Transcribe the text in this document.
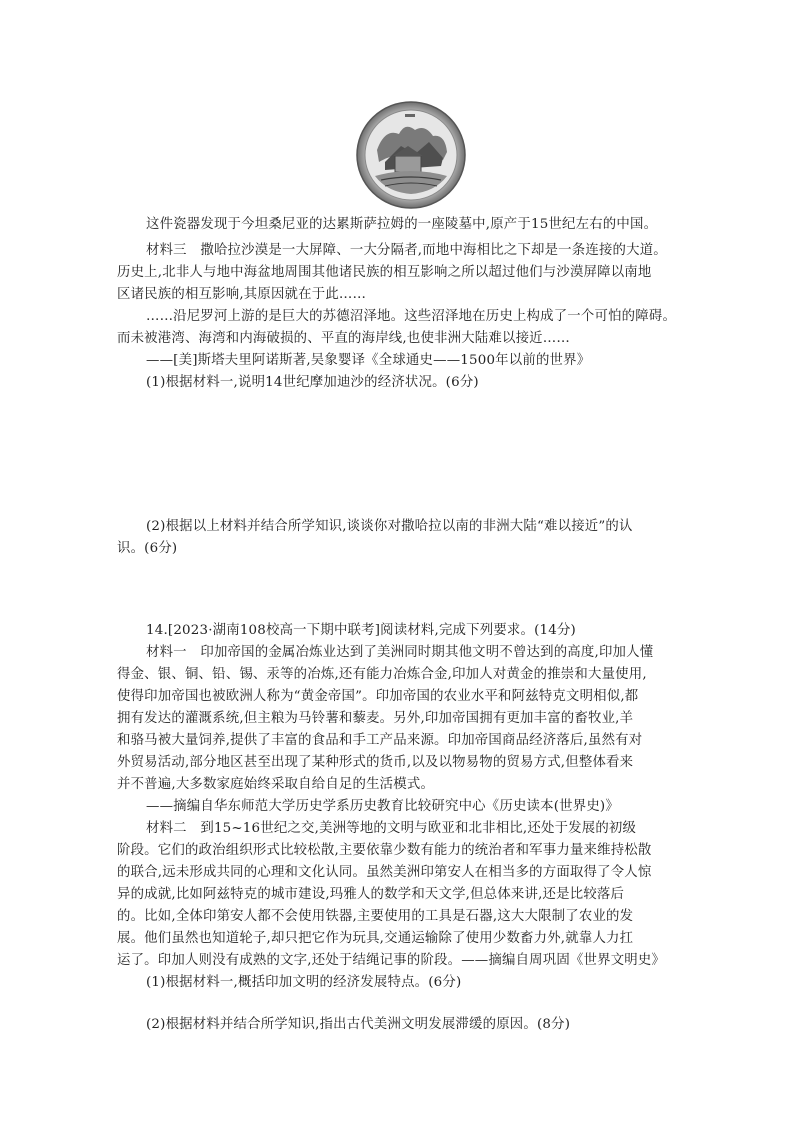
这件瓷器发现于今坦桑尼亚的达累斯萨拉姆的一座陵墓中,原产于15世纪左右的中国。
材料三　撒哈拉沙漠是一大屏障、一大分隔者,而地中海相比之下却是一条连接的大道。
历史上,北非人与地中海盆地周围其他诸民族的相互影响之所以超过他们与沙漠屏障以南地
区诸民族的相互影响,其原因就在于此……
……沿尼罗河上游的是巨大的苏德沼泽地。这些沼泽地在历史上构成了一个可怕的障碍。
而未被港湾、海湾和内海破损的、平直的海岸线,也使非洲大陆难以接近……
——[美]斯塔夫里阿诺斯著,吴象婴译《全球通史——1500年以前的世界》
(1)根据材料一,说明14世纪摩加迪沙的经济状况。(6分)
(2)根据以上材料并结合所学知识,谈谈你对撒哈拉以南的非洲大陆“难以接近”的认
识。(6分)
14.[2023·湖南108校高一下期中联考]阅读材料,完成下列要求。(14分)
材料一　印加帝国的金属冶炼业达到了美洲同时期其他文明不曾达到的高度,印加人懂
得金、银、铜、铅、锡、汞等的冶炼,还有能力冶炼合金,印加人对黄金的推崇和大量使用,
使得印加帝国也被欧洲人称为“黄金帝国”。印加帝国的农业水平和阿兹特克文明相似,都
拥有发达的灌溉系统,但主粮为马铃薯和藜麦。另外,印加帝国拥有更加丰富的畜牧业,羊
和骆马被大量饲养,提供了丰富的食品和手工产品来源。印加帝国商品经济落后,虽然有对
外贸易活动,部分地区甚至出现了某种形式的货币,以及以物易物的贸易方式,但整体看来
并不普遍,大多数家庭始终采取自给自足的生活模式。
——摘编自华东师范大学历史学系历史教育比较研究中心《历史读本(世界史)》
材料二　到15~16世纪之交,美洲等地的文明与欧亚和北非相比,还处于发展的初级
阶段。它们的政治组织形式比较松散,主要依靠少数有能力的统治者和军事力量来维持松散
的联合,远未形成共同的心理和文化认同。虽然美洲印第安人在相当多的方面取得了令人惊
异的成就,比如阿兹特克的城市建设,玛雅人的数学和天文学,但总体来讲,还是比较落后
的。比如,全体印第安人都不会使用铁器,主要使用的工具是石器,这大大限制了农业的发
展。他们虽然也知道轮子,却只把它作为玩具,交通运输除了使用少数畜力外,就靠人力扛
运了。印加人则没有成熟的文字,还处于结绳记事的阶段。——摘编自周巩固《世界文明史》
(1)根据材料一,概括印加文明的经济发展特点。(6分)
(2)根据材料并结合所学知识,指出古代美洲文明发展滞缓的原因。(8分)
